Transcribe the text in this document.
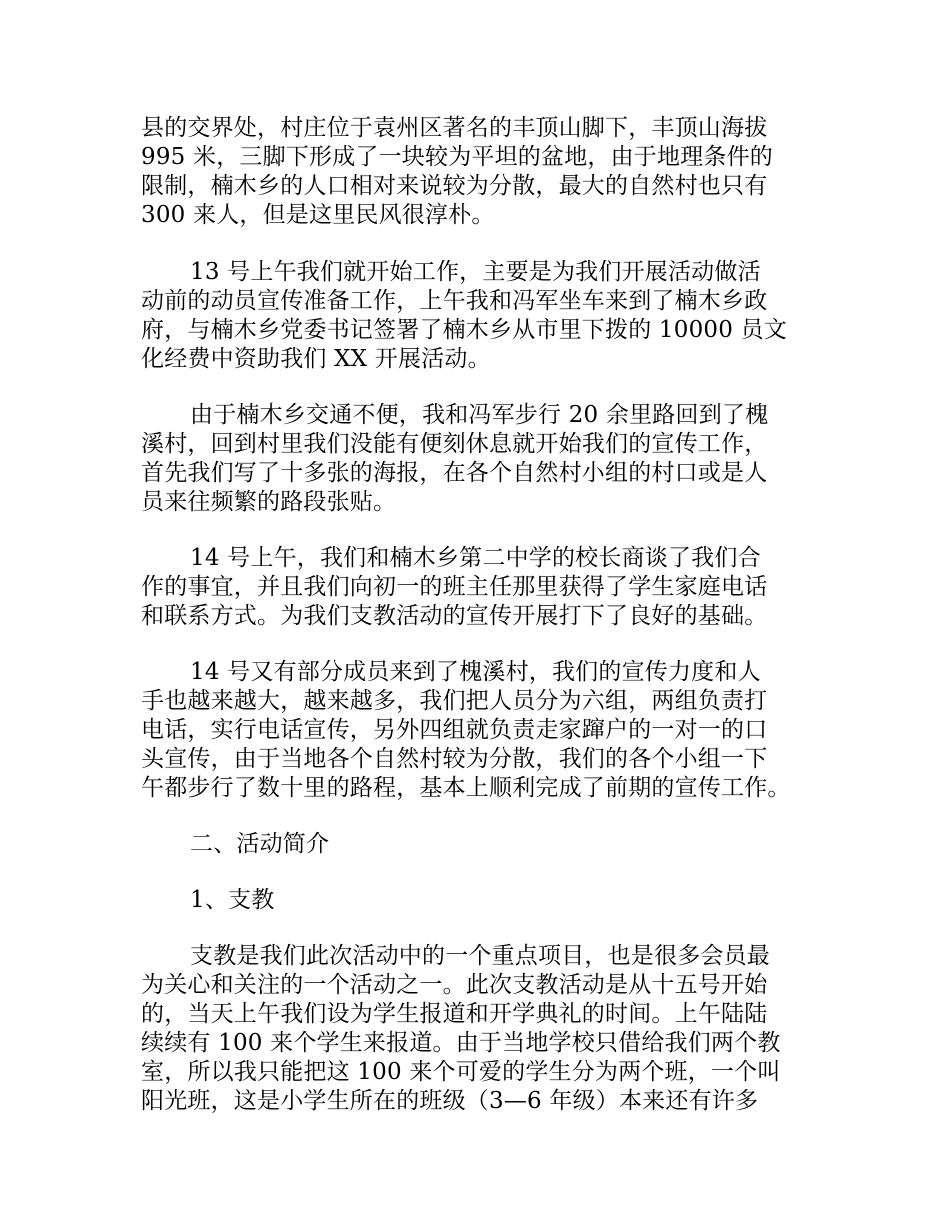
县的交界处，村庄位于袁州区著名的丰顶山脚下，丰顶山海拔
995 米，三脚下形成了一块较为平坦的盆地，由于地理条件的
限制，楠木乡的人口相对来说较为分散，最大的自然村也只有
300 来人，但是这里民风很淳朴。
13 号上午我们就开始工作，主要是为我们开展活动做活
动前的动员宣传准备工作，上午我和冯军坐车来到了楠木乡政
府，与楠木乡党委书记签署了楠木乡从市里下拨的 10000 员文
化经费中资助我们 XX 开展活动。
由于楠木乡交通不便，我和冯军步行 20 余里路回到了槐
溪村，回到村里我们没能有便刻休息就开始我们的宣传工作，
首先我们写了十多张的海报，在各个自然村小组的村口或是人
员来往频繁的路段张贴。
14 号上午，我们和楠木乡第二中学的校长商谈了我们合
作的事宜，并且我们向初一的班主任那里获得了学生家庭电话
和联系方式。为我们支教活动的宣传开展打下了良好的基础。
14 号又有部分成员来到了槐溪村，我们的宣传力度和人
手也越来越大，越来越多，我们把人员分为六组，两组负责打
电话，实行电话宣传，另外四组就负责走家蹿户的一对一的口
头宣传，由于当地各个自然村较为分散，我们的各个小组一下
午都步行了数十里的路程，基本上顺利完成了前期的宣传工作。
二、活动简介
1、支教
支教是我们此次活动中的一个重点项目，也是很多会员最
为关心和关注的一个活动之一。此次支教活动是从十五号开始
的，当天上午我们设为学生报道和开学典礼的时间。上午陆陆
续续有 100 来个学生来报道。由于当地学校只借给我们两个教
室，所以我只能把这 100 来个可爱的学生分为两个班，一个叫
阳光班，这是小学生所在的班级（3—6 年级）本来还有许多
